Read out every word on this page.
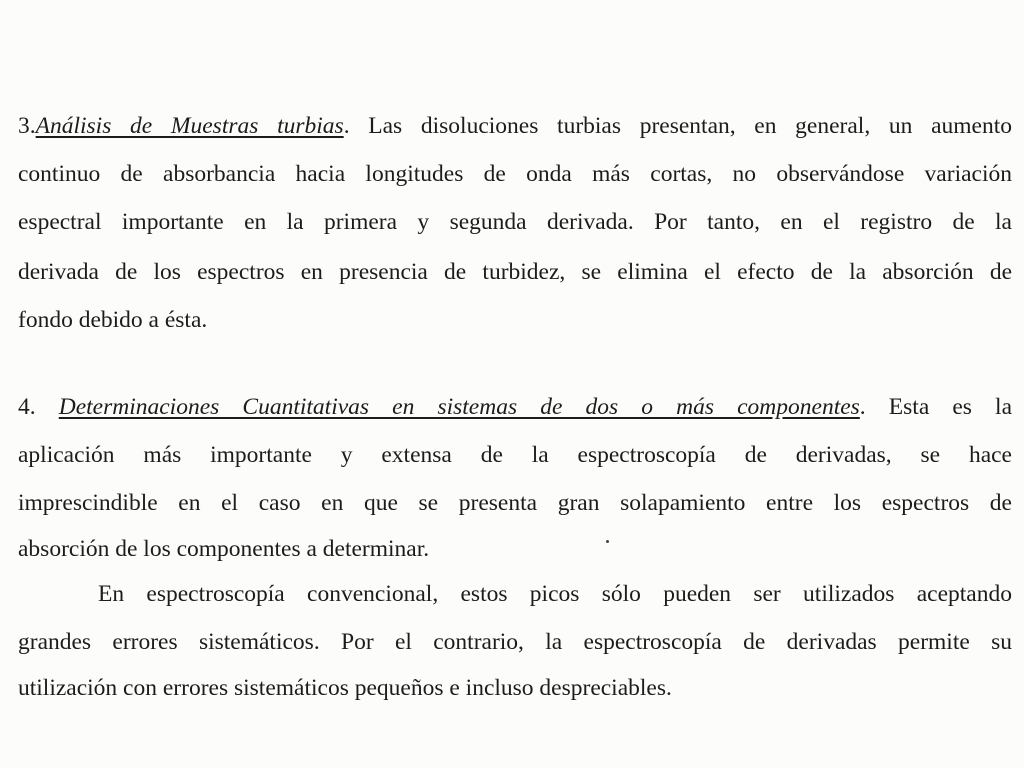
3.Análisis de Muestras turbias. Las disoluciones turbias presentan, en general, un aumento
continuo de absorbancia hacia longitudes de onda más cortas, no observándose variación
espectral importante en la primera y segunda derivada. Por tanto, en el registro de la
derivada de los espectros en presencia de turbidez, se elimina el efecto de la absorción de
fondo debido a ésta.
4. Determinaciones Cuantitativas en sistemas de dos o más componentes. Esta es la
aplicación más importante y extensa de la espectroscopía de derivadas, se hace
imprescindible en el caso en que se presenta gran solapamiento entre los espectros de
absorción de los componentes a determinar.
En espectroscopía convencional, estos picos sólo pueden ser utilizados aceptando
grandes errores sistemáticos. Por el contrario, la espectroscopía de derivadas permite su
utilización con errores sistemáticos pequeños e incluso despreciables.
